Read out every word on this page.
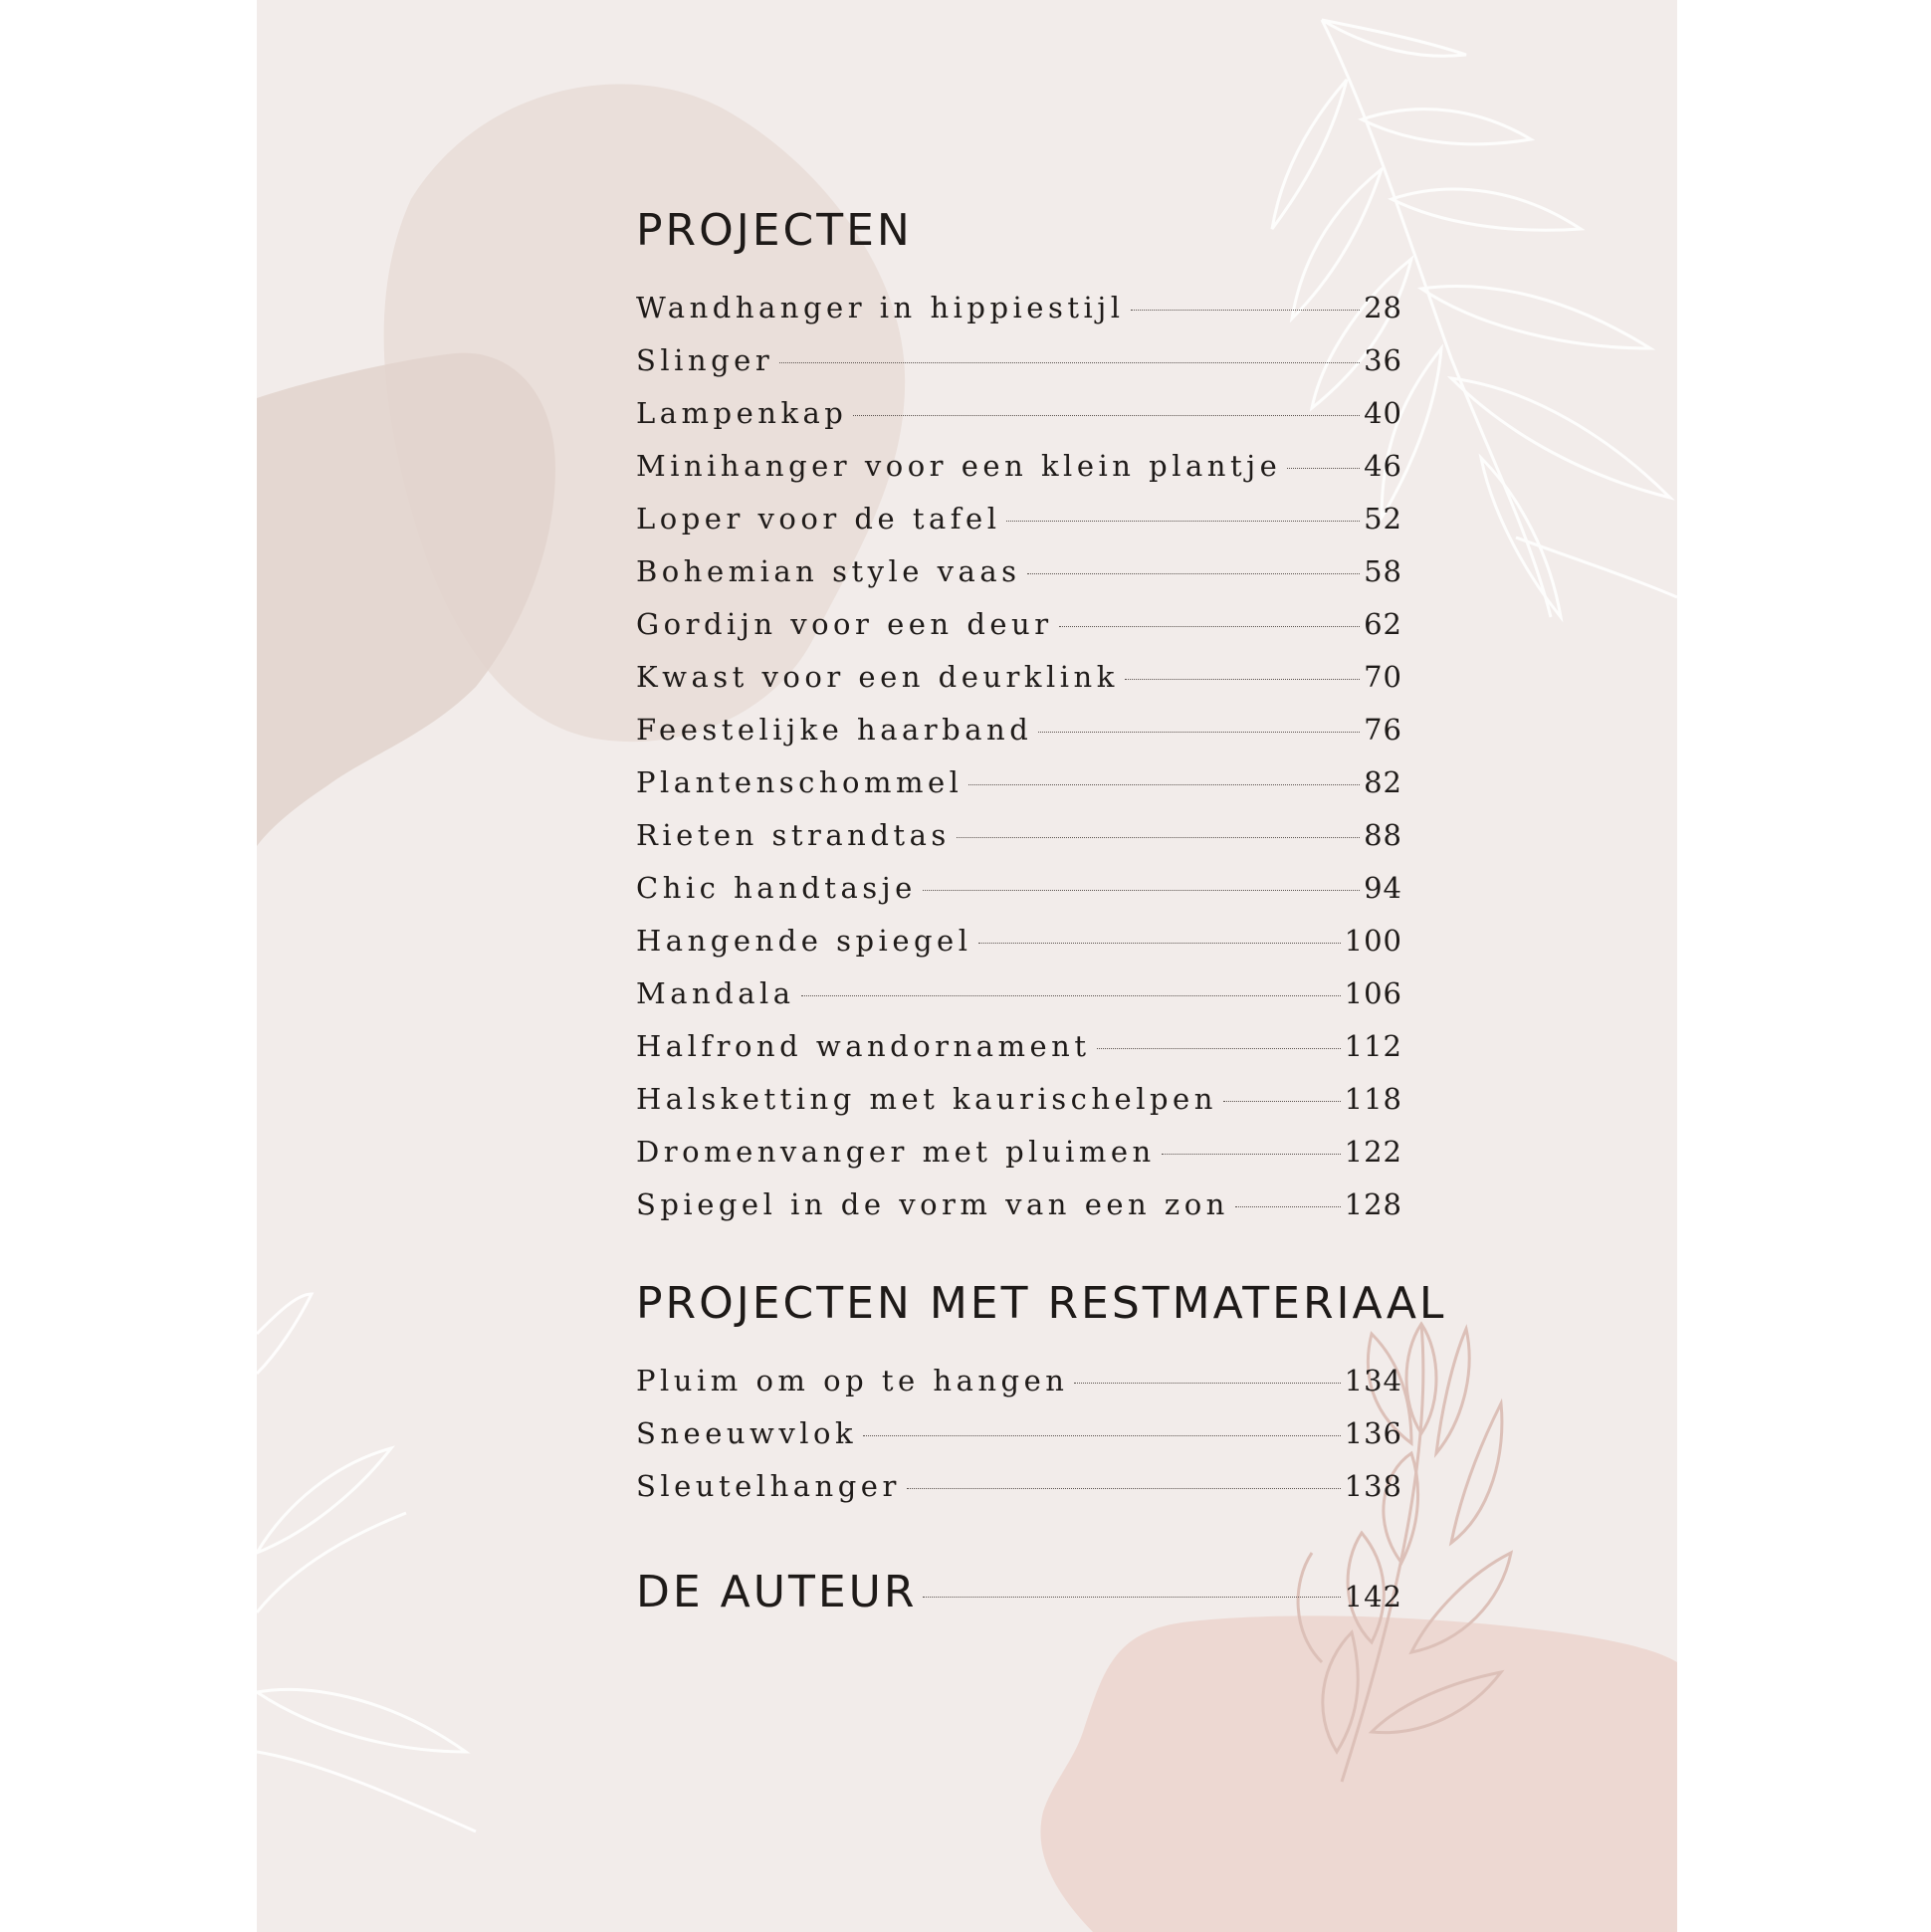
PROJECTEN
Wandhanger in hippiestijl	28
Slinger	36
Lampenkap	40
Minihanger voor een klein plantje	46
Loper voor de tafel	52
Bohemian style vaas	58
Gordijn voor een deur	62
Kwast voor een deurklink	70
Feestelijke haarband	76
Plantenschommel	82
Rieten strandtas	88
Chic handtasje	94
Hangende spiegel	100
Mandala	106
Halfrond wandornament	112
Halsketting met kaurischelpen	118
Dromenvanger met pluimen	122
Spiegel in de vorm van een zon	128
PROJECTEN MET RESTMATERIAAL
Pluim om op te hangen	134
Sneeuwvlok	136
Sleutelhanger	138
DE AUTEUR	142
